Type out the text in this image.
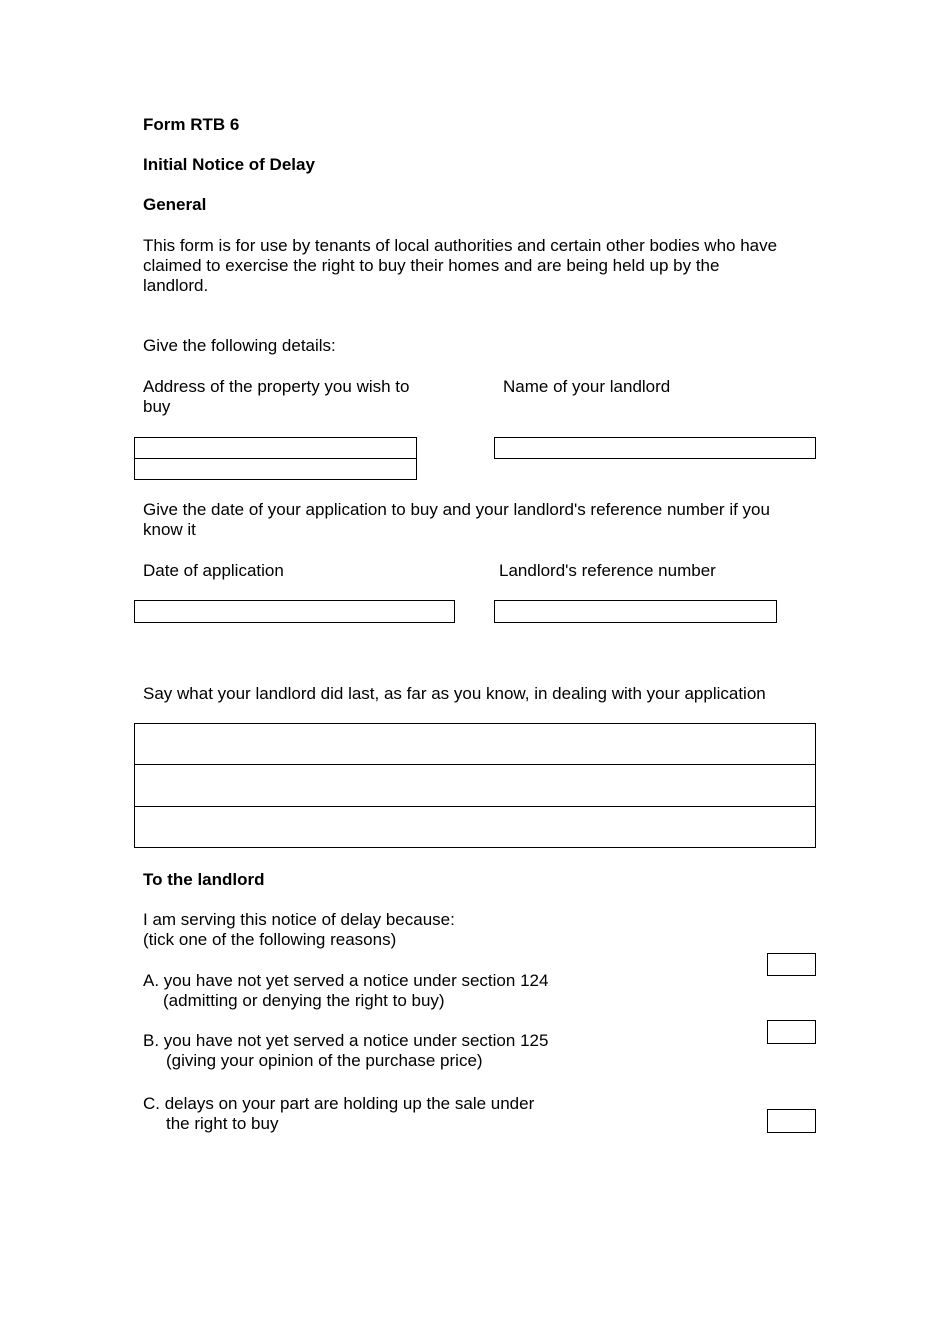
Form RTB 6
Initial Notice of Delay
General
This form is for use by tenants of local authorities and certain other bodies who have
claimed to exercise the right to buy their homes and are being held up by the
landlord.
Give the following details:
Address of the property you wish to
buy
Name of your landlord
Give the date of your application to buy and your landlord's reference number if you
know it
Date of application	Landlord's reference number
Say what your landlord did last, as far as you know, in dealing with your application
To the landlord
I am serving this notice of delay because:
(tick one of the following reasons)
A. you have not yet served a notice under section 124
(admitting or denying the right to buy)
B. you have not yet served a notice under section 125
(giving your opinion of the purchase price)
C. delays on your part are holding up the sale under
the right to buy
